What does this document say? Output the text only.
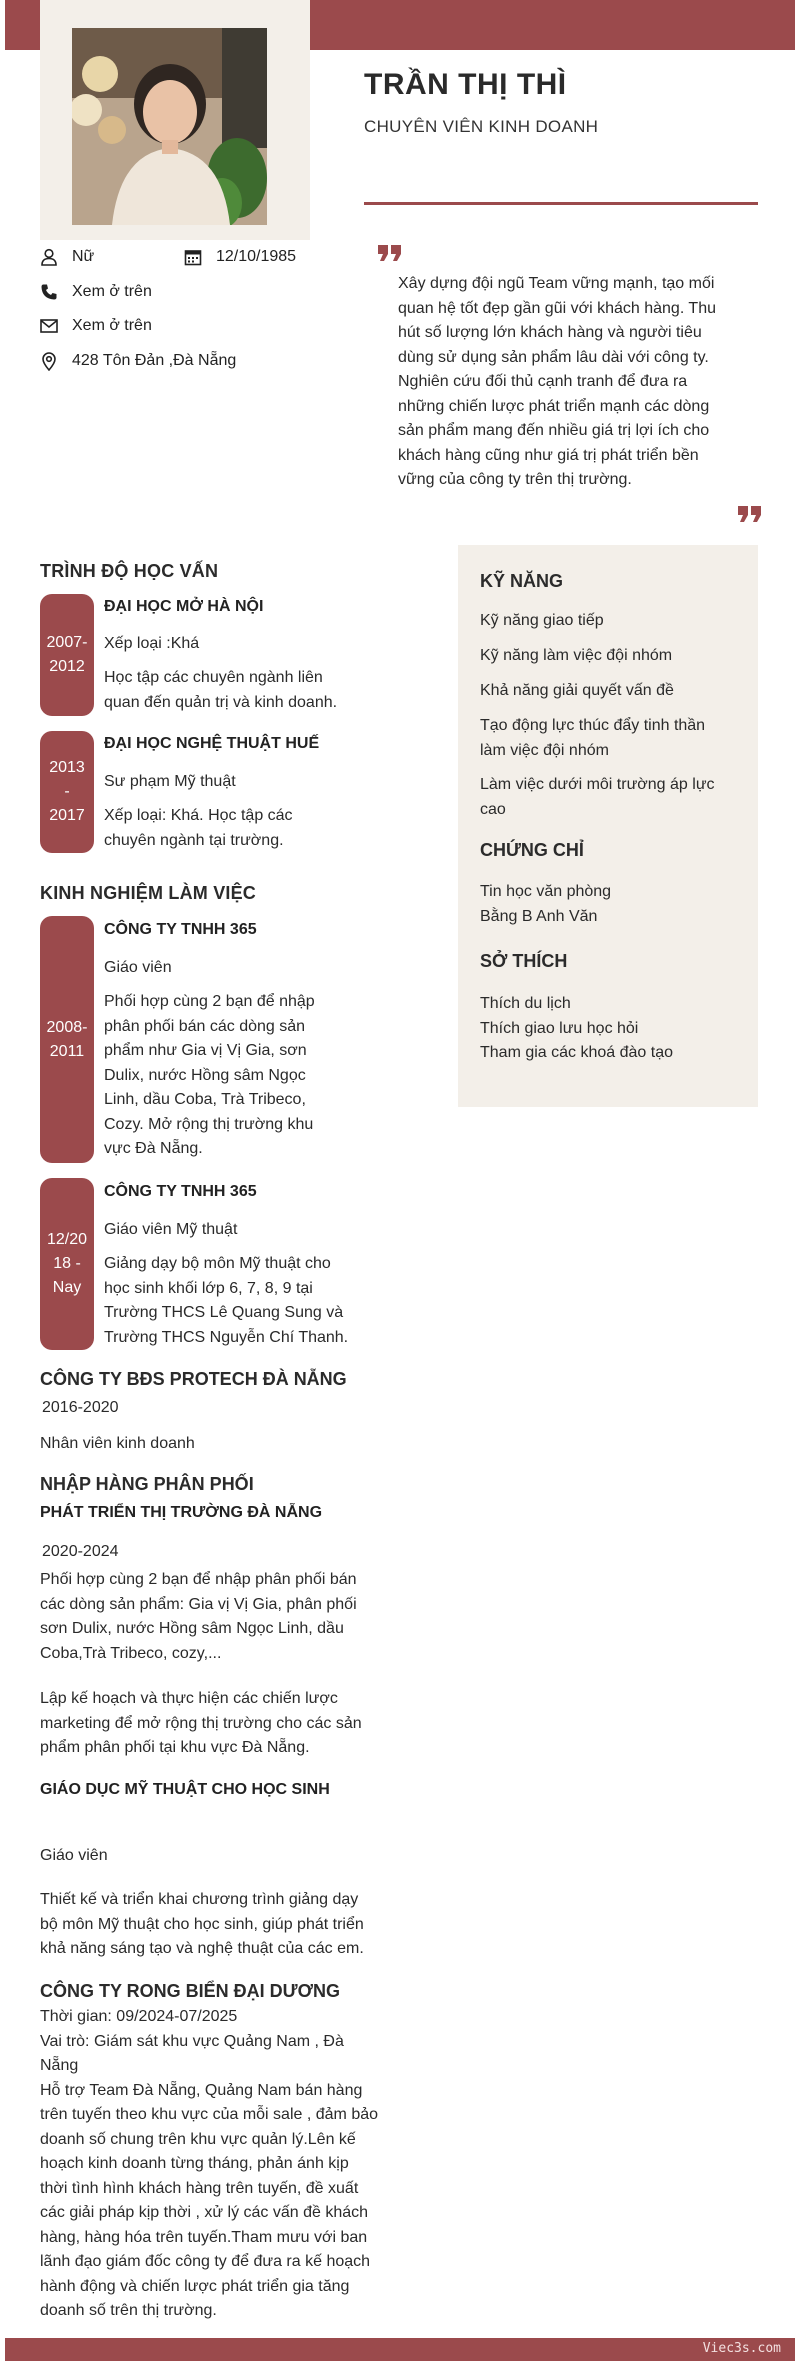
TRẦN THỊ THÌ
CHUYÊN VIÊN KINH DOANH
Nữ	12/10/1985
Xem ở trên
Xem ở trên
428 Tôn Đản ,Đà Nẵng
Xây dựng đội ngũ Team vững mạnh, tạo mối
quan hệ tốt đẹp gần gũi với khách hàng. Thu
hút số lượng lớn khách hàng và người tiêu
dùng sử dụng sản phẩm lâu dài với công ty.
Nghiên cứu đối thủ cạnh tranh để đưa ra
những chiến lược phát triển mạnh các dòng
sản phẩm mang đến nhiều giá trị lợi ích cho
khách hàng cũng như giá trị phát triển bền
vững của công ty trên thị trường.
TRÌNH ĐỘ HỌC VẤN
2007-
2012
ĐẠI HỌC MỞ HÀ NỘI
Xếp loại :Khá
Học tập các chuyên ngành liên
quan đến quản trị và kinh doanh.
2013
-
2017
ĐẠI HỌC NGHỆ THUẬT HUẾ
Sư phạm Mỹ thuật
Xếp loại: Khá. Học tập các
chuyên ngành tại trường.
KINH NGHIỆM LÀM VIỆC
2008-
2011
CÔNG TY TNHH 365
Giáo viên
Phối hợp cùng 2 bạn để nhập
phân phối bán các dòng sản
phẩm như Gia vị Vị Gia, sơn
Dulix, nước Hồng sâm Ngọc
Linh, dầu Coba, Trà Tribeco,
Cozy. Mở rộng thị trường khu
vực Đà Nẵng.
12/20
18 -
Nay
CÔNG TY TNHH 365
Giáo viên Mỹ thuật
Giảng dạy bộ môn Mỹ thuật cho
học sinh khối lớp 6, 7, 8, 9 tại
Trường THCS Lê Quang Sung và
Trường THCS Nguyễn Chí Thanh.
CÔNG TY BĐS PROTECH ĐÀ NẴNG
2016-2020
Nhân viên kinh doanh
NHẬP HÀNG PHÂN PHỐI
PHÁT TRIỂN THỊ TRƯỜNG ĐÀ NẴNG
2020-2024
Phối hợp cùng 2 bạn để nhập phân phối bán
các dòng sản phẩm: Gia vị Vị Gia, phân phối
sơn Dulix, nước Hồng sâm Ngọc Linh, dầu
Coba,Trà Tribeco, cozy,...
Lập kế hoạch và thực hiện các chiến lược
marketing để mở rộng thị trường cho các sản
phẩm phân phối tại khu vực Đà Nẵng.
GIÁO DỤC MỸ THUẬT CHO HỌC SINH
Giáo viên
Thiết kế và triển khai chương trình giảng dạy
bộ môn Mỹ thuật cho học sinh, giúp phát triển
khả năng sáng tạo và nghệ thuật của các em.
CÔNG TY RONG BIỂN ĐẠI DƯƠNG
Thời gian: 09/2024-07/2025
Vai trò: Giám sát khu vực Quảng Nam , Đà
Nẵng
Hỗ trợ Team Đà Nẵng, Quảng Nam bán hàng
trên tuyến theo khu vực của mỗi sale , đảm bảo
doanh số chung trên khu vực quản lý.Lên kế
hoạch kinh doanh từng tháng, phản ánh kịp
thời tình hình khách hàng trên tuyến, đề xuất
các giải pháp kịp thời , xử lý các vấn đề khách
hàng, hàng hóa trên tuyến.Tham mưu với ban
lãnh đạo giám đốc công ty để đưa ra kế hoạch
hành động và chiến lược phát triển gia tăng
doanh số trên thị trường.
KỸ NĂNG
Kỹ năng giao tiếp
Kỹ năng làm việc đội nhóm
Khả năng giải quyết vấn đề
Tạo động lực thúc đẩy tinh thần
làm việc đội nhóm
Làm việc dưới môi trường áp lực
cao
CHỨNG CHỈ
Tin học văn phòng
Bằng B Anh Văn
SỞ THÍCH
Thích du lịch
Thích giao lưu học hỏi
Tham gia các khoá đào tạo
Viec3s.com
